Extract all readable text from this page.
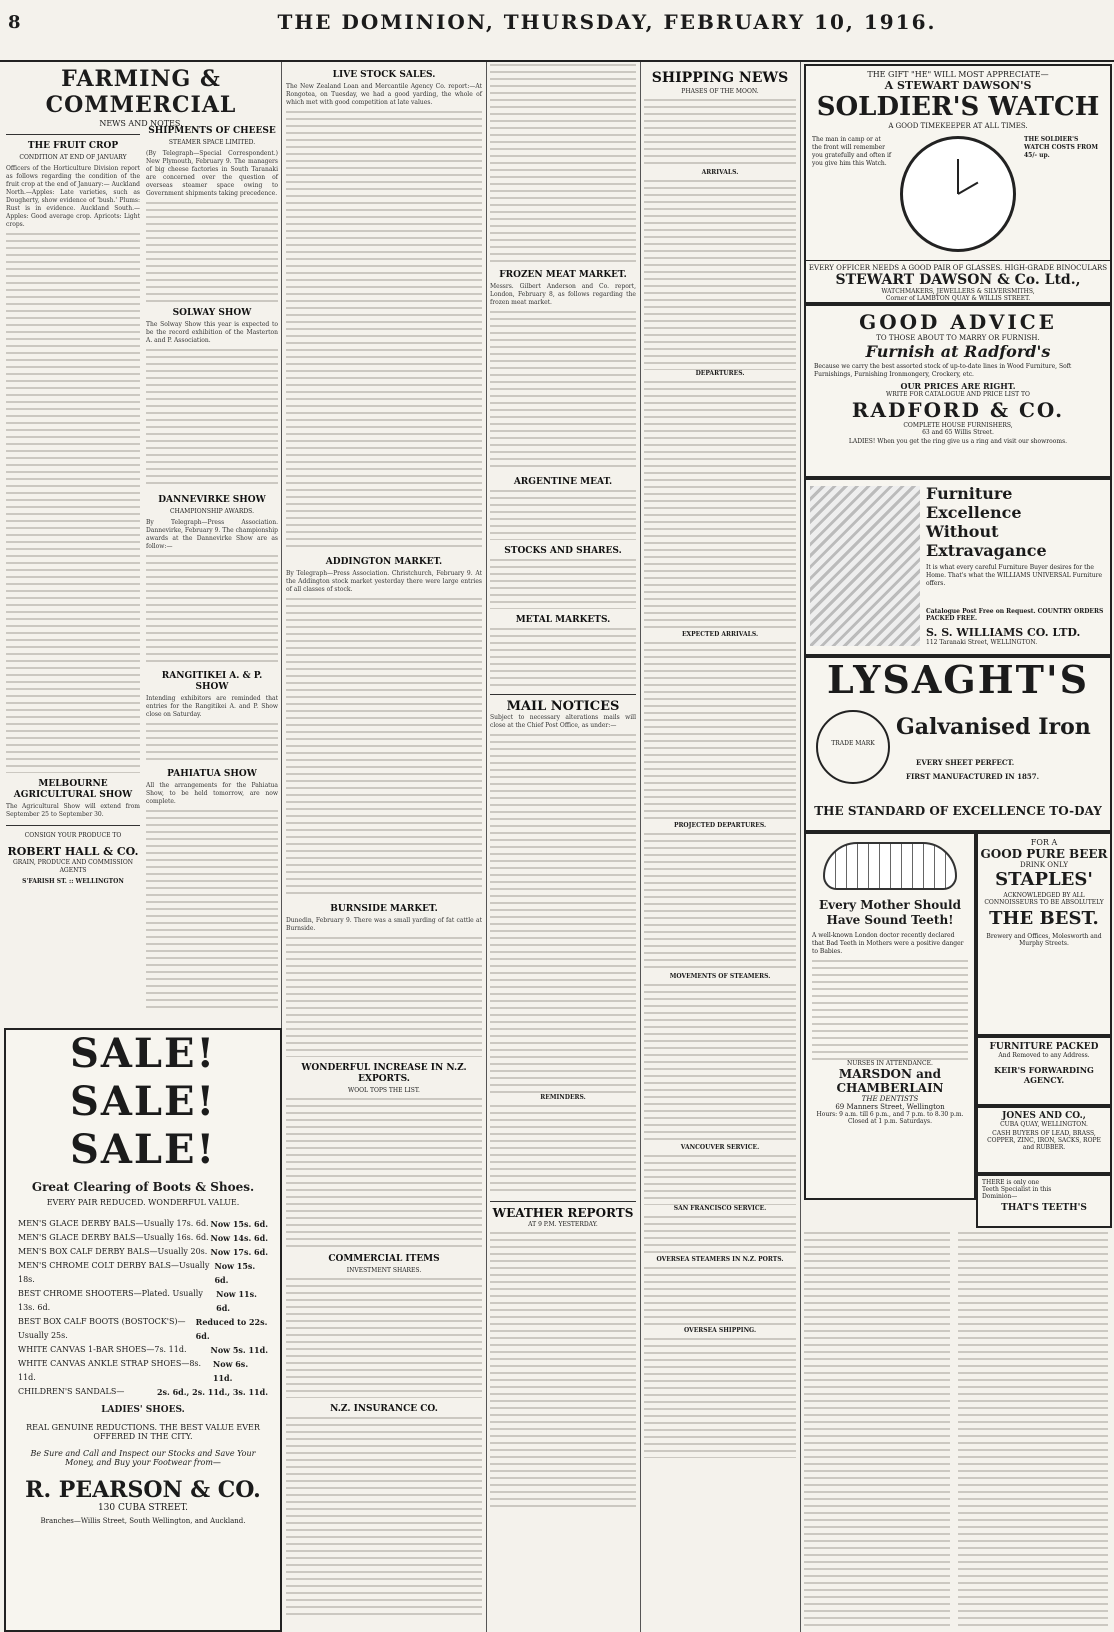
8	THE DOMINION, THURSDAY, FEBRUARY 10, 1916.
FARMING & COMMERCIAL
NEWS AND NOTES.
THE FRUIT CROP
CONDITION AT END OF JANUARY

Officers of the Horticulture Division report as follows regarding the condition of the fruit crop at the end of January:— Auckland North.—Apples: Late varieties, such as Dougherty, show evidence of 'bush.' Plums: Rust is in evidence. Auckland South.—Apples: Good average crop. Apricots: Light crops.

MELBOURNE AGRICULTURAL SHOW

The Agricultural Show will extend from September 25 to September 30.

CONSIGN YOUR PRODUCE TO
ROBERT HALL & CO.
GRAIN, PRODUCE AND COMMISSION AGENTS
S'FARISH ST. :: WELLINGTON
SHIPMENTS OF CHEESE
STEAMER SPACE LIMITED.

(By Telegraph—Special Correspondent.) New Plymouth, February 9. The managers of big cheese factories in South Taranaki are concerned over the question of overseas steamer space owing to Government shipments taking precedence.

SOLWAY SHOW

The Solway Show this year is expected to be the record exhibition of the Masterton A. and P. Association.

DANNEVIRKE SHOW
CHAMPIONSHIP AWARDS.

By Telegraph—Press Association. Dannevirke, February 9. The championship awards at the Dannevirke Show are as follow:—

RANGITIKEI A. & P. SHOW

Intending exhibitors are reminded that entries for the Rangitikei A. and P. Show close on Saturday.

PAHIATUA SHOW

All the arrangements for the Pahiatua Show, to be held tomorrow, are now complete.

SALE! SALE! SALE!
Great Clearing of Boots & Shoes.
EVERY PAIR REDUCED. WONDERFUL VALUE.
MEN'S GLACE DERBY BALS—Usually 17s. 6d. Now 15s. 6d.
MEN'S GLACE DERBY BALS—Usually 16s. 6d. Now 14s. 6d.
MEN'S BOX CALF DERBY BALS—Usually 20s. Now 17s. 6d.
MEN'S CHROME COLT DERBY BALS—Usually 18s.
Now 15s. 6d.
BEST CHROME SHOOTERS—Plated. Usually 13s. 6d.
Now 11s. 6d.
BEST BOX CALF BOOTS (BOSTOCK'S)—Usually 25s.
Reduced to 22s. 6d.
WHITE CANVAS 1-BAR SHOES—7s. 11d.	Now 5s. 11d.
WHITE CANVAS ANKLE STRAP SHOES—8s. 11d.
Now 6s. 11d.
CHILDREN'S SANDALS—	2s. 6d., 2s. 11d., 3s. 11d.
LADIES' SHOES.
REAL GENUINE REDUCTIONS. THE BEST VALUE EVER OFFERED IN THE CITY.
Be Sure and Call and Inspect our Stocks and Save Your Money, and Buy your Footwear from—
R. PEARSON & CO.
130 CUBA STREET.
Branches—Willis Street, South Wellington, and Auckland.
LIVE STOCK SALES.

The New Zealand Loan and Mercantile Agency Co. report:—At Rongotea, on Tuesday, we had a good yarding, the whole of which met with good competition at late values.

ADDINGTON MARKET.

By Telegraph—Press Association. Christchurch, February 9. At the Addington stock market yesterday there were large entries of all classes of stock.

BURNSIDE MARKET.

Dunedin, February 9. There was a small yarding of fat cattle at Burnside.

WONDERFUL INCREASE IN N.Z. EXPORTS.
WOOL TOPS THE LIST.
COMMERCIAL ITEMS
INVESTMENT SHARES.
N.Z. INSURANCE CO.
FROZEN MEAT MARKET.

Messrs. Gilbert Anderson and Co. report, London, February 8, as follows regarding the frozen meat market.

ARGENTINE MEAT.
STOCKS AND SHARES.
METAL MARKETS.
MAIL NOTICES

Subject to necessary alterations mails will close at the Chief Post Office, as under:—

REMINDERS.
WEATHER REPORTS
AT 9 P.M. YESTERDAY.
SHIPPING NEWS
PHASES OF THE MOON.
ARRIVALS.
DEPARTURES.
EXPECTED ARRIVALS.
PROJECTED DEPARTURES.
MOVEMENTS OF STEAMERS.
VANCOUVER SERVICE.
SAN FRANCISCO SERVICE.
OVERSEA STEAMERS IN N.Z. PORTS.
OVERSEA SHIPPING.
THE GIFT "HE" WILL MOST APPRECIATE—
A STEWART DAWSON'S
SOLDIER'S WATCH
A GOOD TIMEKEEPER AT ALL TIMES.
The man in camp or at the front will remember you gratefully and often if you give him this Watch.
THE SOLDIER'S WATCH COSTS FROM 45/- up.
EVERY OFFICER NEEDS A GOOD PAIR OF GLASSES. HIGH-GRADE BINOCULARS
STEWART DAWSON & Co. Ltd.,
WATCHMAKERS, JEWELLERS & SILVERSMITHS,
Corner of LAMBTON QUAY & WILLIS STREET.
GOOD ADVICE
TO THOSE ABOUT TO MARRY OR FURNISH.
Furnish at Radford's
Because we carry the best assorted stock of up-to-date lines in Wood Furniture, Soft Furnishings, Furnishing Ironmongery, Crockery, etc.
OUR PRICES ARE RIGHT.
WRITE FOR CATALOGUE AND PRICE LIST TO
RADFORD & CO.
COMPLETE HOUSE FURNISHERS,
63 and 65 Willis Street.
LADIES! When you get the ring give us a ring and visit our showrooms.
Furniture Excellence
Without Extravagance
It is what every careful Furniture Buyer desires for the Home. That's what the WILLIAMS UNIVERSAL Furniture offers.
Catalogue Post Free on Request. COUNTRY ORDERS PACKED FREE.
S. S. WILLIAMS CO. LTD.
112 Taranaki Street, WELLINGTON.
LYSAGHT'S
TRADE MARK
Galvanised Iron
EVERY SHEET PERFECT.
FIRST MANUFACTURED IN 1857.
THE STANDARD OF EXCELLENCE TO-DAY
Every Mother Should Have Sound Teeth!
A well-known London doctor recently declared that Bad Teeth in Mothers were a positive danger to Babies.
NURSES IN ATTENDANCE.
MARSDON and CHAMBERLAIN
THE DENTISTS
69 Manners Street, Wellington
Hours: 9 a.m. till 6 p.m., and 7 p.m. to 8.30 p.m.
Closed at 1 p.m. Saturdays.
FOR A
GOOD PURE BEER
DRINK ONLY
STAPLES'
ACKNOWLEDGED BY ALL CONNOISSEURS TO BE ABSOLUTELY
THE BEST.
Brewery and Offices, Molesworth and Murphy Streets.
FURNITURE PACKED
And Removed to any Address.
KEIR'S FORWARDING AGENCY.
JONES AND CO.,
CUBA QUAY, WELLINGTON.
CASH BUYERS OF LEAD, BRASS, COPPER, ZINC, IRON, SACKS, ROPE and RUBBER.
THERE is only one Teeth Specialist in this Dominion—
THAT'S TEETH'S
